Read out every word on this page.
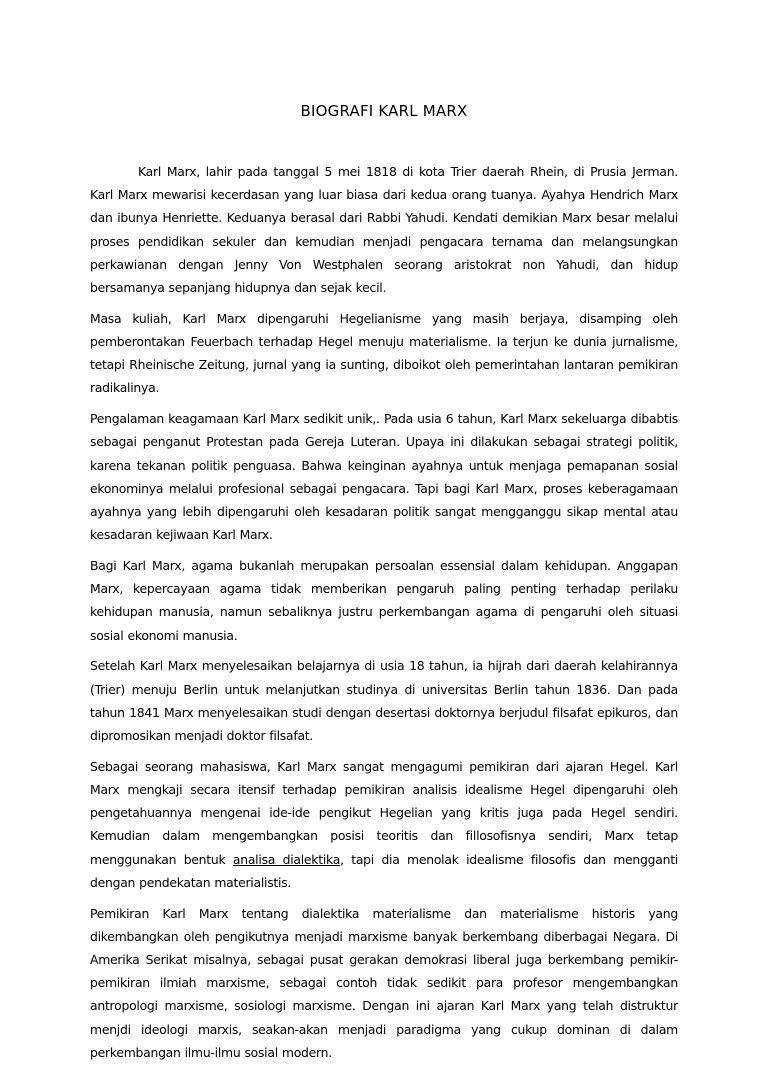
BIOGRAFI KARL MARX

Karl Marx, lahir pada tanggal 5 mei 1818 di kota Trier daerah Rhein, di Prusia Jerman. Karl Marx mewarisi kecerdasan yang luar biasa dari kedua orang tuanya. Ayahya Hendrich Marx dan ibunya Henriette. Keduanya berasal dari Rabbi Yahudi. Kendati demikian Marx besar melalui proses pendidikan sekuler dan kemudian menjadi pengacara ternama dan melangsungkan perkawianan dengan Jenny Von Westphalen seorang aristokrat non Yahudi, dan hidup bersamanya sepanjang hidupnya dan sejak kecil.

Masa kuliah, Karl Marx dipengaruhi Hegelianisme yang masih berjaya, disamping oleh pemberontakan Feuerbach terhadap Hegel menuju materialisme. Ia terjun ke dunia jurnalisme, tetapi Rheinische Zeitung, jurnal yang ia sunting, diboikot oleh pemerintahan lantaran pemikiran radikalinya.

Pengalaman keagamaan Karl Marx sedikit unik,. Pada usia 6 tahun, Karl Marx sekeluarga dibabtis sebagai penganut Protestan pada Gereja Luteran. Upaya ini dilakukan sebagai strategi politik, karena tekanan politik penguasa. Bahwa keinginan ayahnya untuk menjaga pemapanan sosial ekonominya melalui profesional sebagai pengacara. Tapi bagi Karl Marx, proses keberagamaan ayahnya yang lebih dipengaruhi oleh kesadaran politik sangat mengganggu sikap mental atau kesadaran kejiwaan Karl Marx.

Bagi Karl Marx, agama bukanlah merupakan persoalan essensial dalam kehidupan. Anggapan Marx, kepercayaan agama tidak memberikan pengaruh paling penting terhadap perilaku kehidupan manusia, namun sebaliknya justru perkembangan agama di pengaruhi oleh situasi sosial ekonomi manusia.

Setelah Karl Marx menyelesaikan belajarnya di usia 18 tahun, ia hijrah dari daerah kelahirannya (Trier) menuju Berlin untuk melanjutkan studinya di universitas Berlin tahun 1836. Dan pada tahun 1841 Marx menyelesaikan studi dengan desertasi doktornya berjudul filsafat epikuros, dan dipromosikan menjadi doktor filsafat.

Sebagai seorang mahasiswa, Karl Marx sangat mengagumi pemikiran dari ajaran Hegel. Karl Marx mengkaji secara itensif terhadap pemikiran analisis idealisme Hegel dipengaruhi oleh pengetahuannya mengenai ide-ide pengikut Hegelian yang kritis juga pada Hegel sendiri. Kemudian dalam mengembangkan posisi teoritis dan fillosofisnya sendiri, Marx tetap menggunakan bentuk analisa dialektika, tapi dia menolak idealisme filosofis dan mengganti dengan pendekatan materialistis.

Pemikiran Karl Marx tentang dialektika materialisme dan materialisme historis yang dikembangkan oleh pengikutnya menjadi marxisme banyak berkembang diberbagai Negara. Di Amerika Serikat misalnya, sebagai pusat gerakan demokrasi liberal juga berkembang pemikir-pemikiran ilmiah marxisme, sebagai contoh tidak sedikit para profesor mengembangkan antropologi marxisme, sosiologi marxisme. Dengan ini ajaran Karl Marx yang telah distruktur menjdi ideologi marxis, seakan-akan menjadi paradigma yang cukup dominan di dalam perkembangan ilmu-ilmu sosial modern.
